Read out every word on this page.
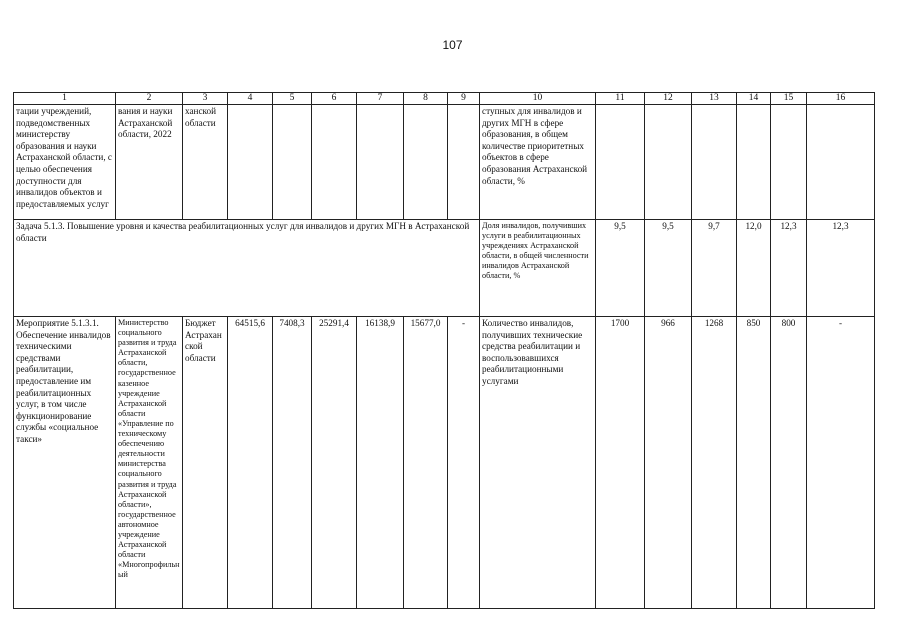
107
1	2	3	4	5	6	7	8	9	10	11	12	13	14	15	16
тации учреждений, подведомственных министерству образования и науки Астраханской области, с целью обеспечения доступности для инвалидов объектов и предоставляемых услуг	вания и науки Астраханской области, 2022	ханской области							ступных для инвалидов и других МГН в сфере образования, в общем количестве приоритетных объектов в сфере образования Астраханской области, %						
Задача 5.1.3. Повышение уровня и качества реабилитационных услуг для инвалидов и других МГН в Астраханской области									Доля инвалидов, получивших услуги в реабилитационных учреждениях Астраханской области, в общей численности инвалидов Астраханской области, %	9,5	9,5	9,7	12,0	12,3	12,3
Мероприятие 5.1.3.1. Обеспечение инвалидов техническими средствами реабилитации, предоставление им реабилитационных услуг, в том числе функционирование службы «социальное такси»	Министерство социального развития и труда Астраханской области, государственное казенное учреждение Астраханской области «Управление по техническому обеспечению деятельности министерства социального развития и труда Астраханской области», государственное автономное учреждение Астраханской области «Многопрофильный	Бюджет Астраханской области	64515,6	7408,3	25291,4	16138,9	15677,0	-	Количество инвалидов, получивших технические средства реабилитации и воспользовавшихся реабилитационными услугами	1700	966	1268	850	800	-
